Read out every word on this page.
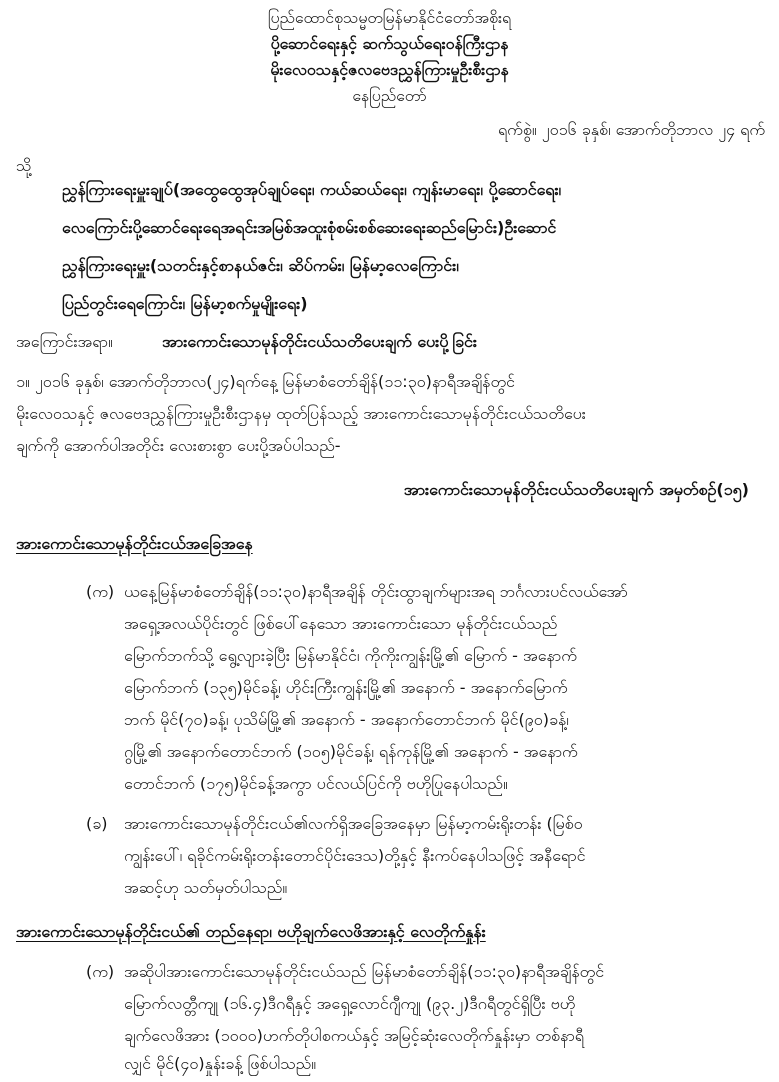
ပြည်ထောင်စုသမ္မတမြန်မာနိုင်ငံတော်အစိုးရ
ပို့ဆောင်ရေးနှင့် ဆက်သွယ်ရေးဝန်ကြီးဌာန
မိုးလေဝသနှင့်ဇလဗေဒညွှန်ကြားမှုဦးစီးဌာန
နေပြည်တော်
ရက်စွဲ။ ၂၀၁၆ ခုနှစ်၊ အောက်တိုဘာလ ၂၄ ရက်
သို့
ညွှန်ကြားရေးမှူးချုပ်(အထွေထွေအုပ်ချုပ်ရေး၊ ကယ်ဆယ်ရေး၊ ကျန်းမာရေး၊ ပို့ဆောင်ရေး၊
လေကြောင်းပို့ဆောင်ရေးရေအရင်းအမြစ်အထူးစုံစမ်းစစ်ဆေးရေးဆည်မြောင်း)ဦးဆောင်
ညွှန်ကြားရေးမှူး(သတင်းနှင့်စာနယ်ဇင်း၊ ဆိပ်ကမ်း၊ မြန်မာ့လေကြောင်း၊
ပြည်တွင်းရေကြောင်း၊ မြန်မာ့စက်မှုမျိုးရေး)
အကြောင်းအရာ။	အားကောင်းသောမုန်တိုင်းငယ်သတိပေးချက် ပေးပို့ခြင်း
၁။ ၂၀၁၆ ခုနှစ်၊ အောက်တိုဘာလ(၂၄)ရက်နေ့ မြန်မာစံတော်ချိန်(၁၁:၃၀)နာရီအချိန်တွင်
မိုးလေဝသနှင့် ဇလဗေဒညွှန်ကြားမှုဦးစီးဌာနမှ ထုတ်ပြန်သည့် အားကောင်းသောမုန်တိုင်းငယ်သတိပေး
ချက်ကို အောက်ပါအတိုင်း လေးစားစွာ ပေးပို့အပ်ပါသည်-
အားကောင်းသောမုန်တိုင်းငယ်သတိပေးချက် အမှတ်စဉ်(၁၅)
အားကောင်းသောမုန်တိုင်းငယ်အခြေအနေ
(က) ယနေ့မြန်မာစံတော်ချိန်(၁၁:၃၀)နာရီအချိန် တိုင်းထွာချက်များအရ ဘင်္ဂလားပင်လယ်အော်
အရှေ့အလယ်ပိုင်းတွင် ဖြစ်ပေါ်နေသော အားကောင်းသော မုန်တိုင်းငယ်သည်
မြောက်ဘက်သို့ ရွေ့လျားခဲ့ပြီး မြန်မာနိုင်ငံ၊ ကိုကိုးကျွန်းမြို့၏ မြောက် - အနောက်
မြောက်ဘက် (၁၃၅)မိုင်ခန့်၊ ဟိုင်းကြီးကျွန်းမြို့၏ အနောက် - အနောက်မြောက်
ဘက် မိုင်(၇၀)ခန့်၊ ပုသိမ်မြို့၏ အနောက် - အနောက်တောင်ဘက် မိုင်(၉၀)ခန့်၊
ဂွမြို့၏ အနောက်တောင်ဘက် (၁၀၅)မိုင်ခန့်၊ ရန်ကုန်မြို့၏ အနောက် - အနောက်
တောင်ဘက် (၁၇၅)မိုင်ခန့်အကွာ ပင်လယ်ပြင်ကို ဗဟိုပြုနေပါသည်။
(ခ) အားကောင်းသောမုန်တိုင်းငယ်၏လက်ရှိအခြေအနေမှာ မြန်မာ့ကမ်းရိုးတန်း (မြစ်ဝ
ကျွန်းပေါ်၊ ရခိုင်ကမ်းရိုးတန်းတောင်ပိုင်းဒေသ)တို့နှင့် နီးကပ်နေပါသဖြင့် အနီရောင်
အဆင့်ဟု သတ်မှတ်ပါသည်။
အားကောင်းသောမုန်တိုင်းငယ်၏ တည်နေရာ၊ ဗဟိုချက်လေဖိအားနှင့် လေတိုက်နှုန်း
(က) အဆိုပါအားကောင်းသောမုန်တိုင်းငယ်သည် မြန်မာစံတော်ချိန်(၁၁:၃၀)နာရီအချိန်တွင်
မြောက်လတ္တီကျု (၁၆.၄)ဒီဂရီနှင့် အရှေ့လောင်ဂျီကျု (၉၃.၂)ဒီဂရီတွင်ရှိပြီး ဗဟို
ချက်လေဖိအား (၁၀၀၀)ဟက်တိုပါစကယ်နှင့် အမြင့်ဆုံးလေတိုက်နှုန်းမှာ တစ်နာရီ
လျှင် မိုင်(၄၀)နှုန်းခန့် ဖြစ်ပါသည်။
